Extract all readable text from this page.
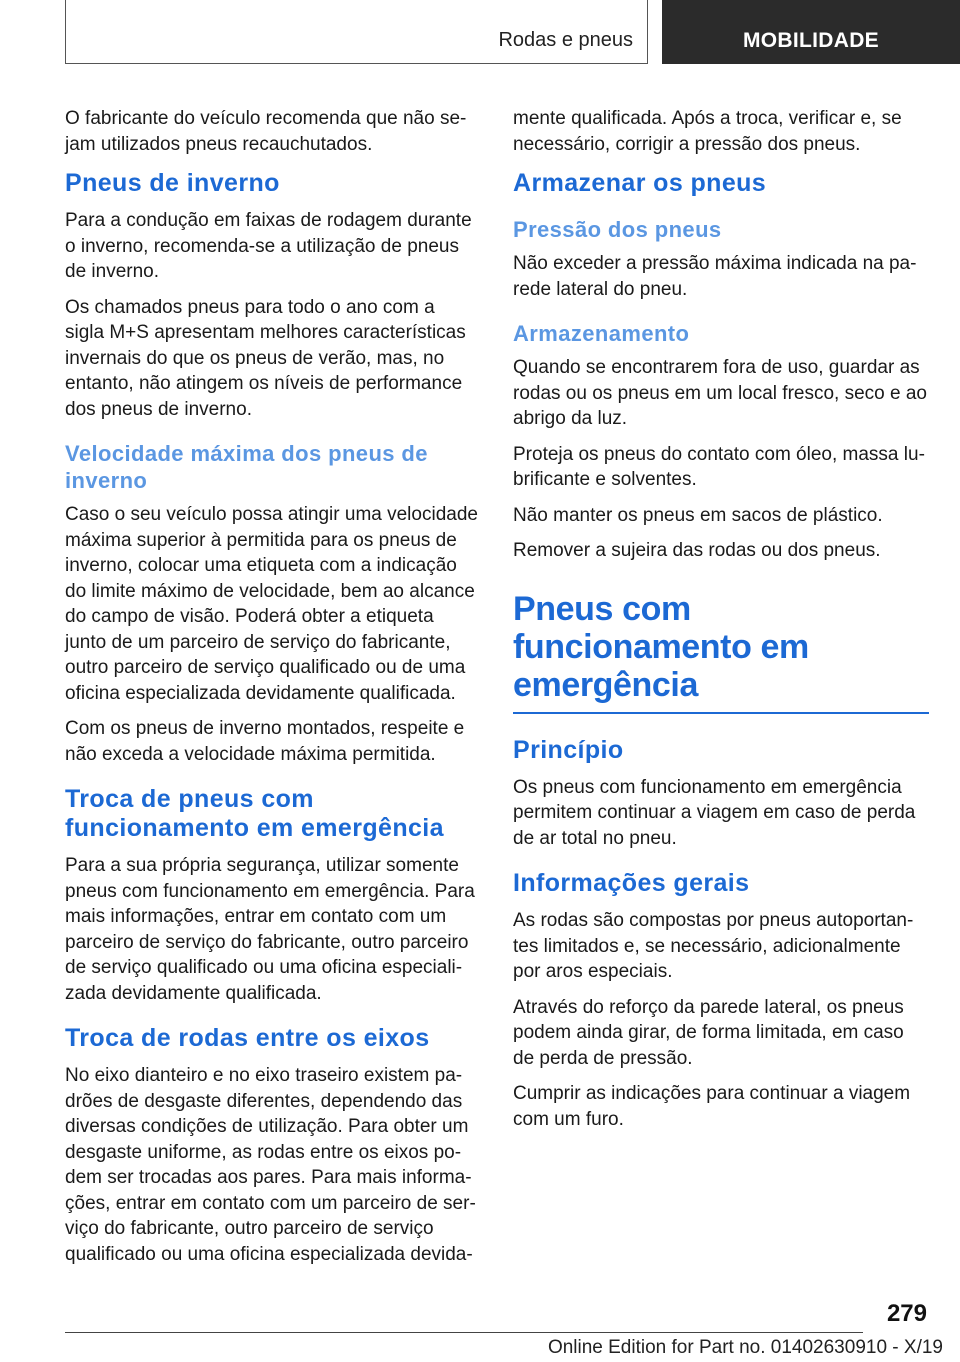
Rodas e pneus	MOBILIDADE

O fabricante do veículo recomenda que não sejam utilizados pneus recauchutados.

Pneus de inverno

Para a condução em faixas de rodagem durante o inverno, recomenda-se a utilização de pneus de inverno.

Os chamados pneus para todo o ano com a sigla M+S apresentam melhores características invernais do que os pneus de verão, mas, no entanto, não atingem os níveis de performance dos pneus de inverno.

Velocidade máxima dos pneus de inverno

Caso o seu veículo possa atingir uma velocidade máxima superior à permitida para os pneus de inverno, colocar uma etiqueta com a indicação do limite máximo de velocidade, bem ao alcance do campo de visão. Poderá obter a etiqueta junto de um parceiro de serviço do fabricante, outro parceiro de serviço qualificado ou de uma oficina especializada devidamente qualificada.

Com os pneus de inverno montados, respeite e não exceda a velocidade máxima permitida.

Troca de pneus com funcionamento em emergência

Para a sua própria segurança, utilizar somente pneus com funcionamento em emergência. Para mais informações, entrar em contato com um parceiro de serviço do fabricante, outro parceiro de serviço qualificado ou uma oficina especializada devidamente qualificada.

Troca de rodas entre os eixos

No eixo dianteiro e no eixo traseiro existem padrões de desgaste diferentes, dependendo das diversas condições de utilização. Para obter um desgaste uniforme, as rodas entre os eixos podem ser trocadas aos pares. Para mais informações, entrar em contato com um parceiro de serviço do fabricante, outro parceiro de serviço qualificado ou uma oficina especializada devida-

mente qualificada. Após a troca, verificar e, se necessário, corrigir a pressão dos pneus.

Armazenar os pneus
Pressão dos pneus

Não exceder a pressão máxima indicada na parede lateral do pneu.

Armazenamento

Quando se encontrarem fora de uso, guardar as rodas ou os pneus em um local fresco, seco e ao abrigo da luz.

Proteja os pneus do contato com óleo, massa lubrificante e solventes.

Não manter os pneus em sacos de plástico.

Remover a sujeira das rodas ou dos pneus.

Pneus com funcionamento em emergência
Princípio

Os pneus com funcionamento em emergência permitem continuar a viagem em caso de perda de ar total no pneu.

Informações gerais

As rodas são compostas por pneus autoportantes limitados e, se necessário, adicionalmente por aros especiais.

Através do reforço da parede lateral, os pneus podem ainda girar, de forma limitada, em caso de perda de pressão.

Cumprir as indicações para continuar a viagem com um furo.

279
Online Edition for Part no. 01402630910 - X/19
